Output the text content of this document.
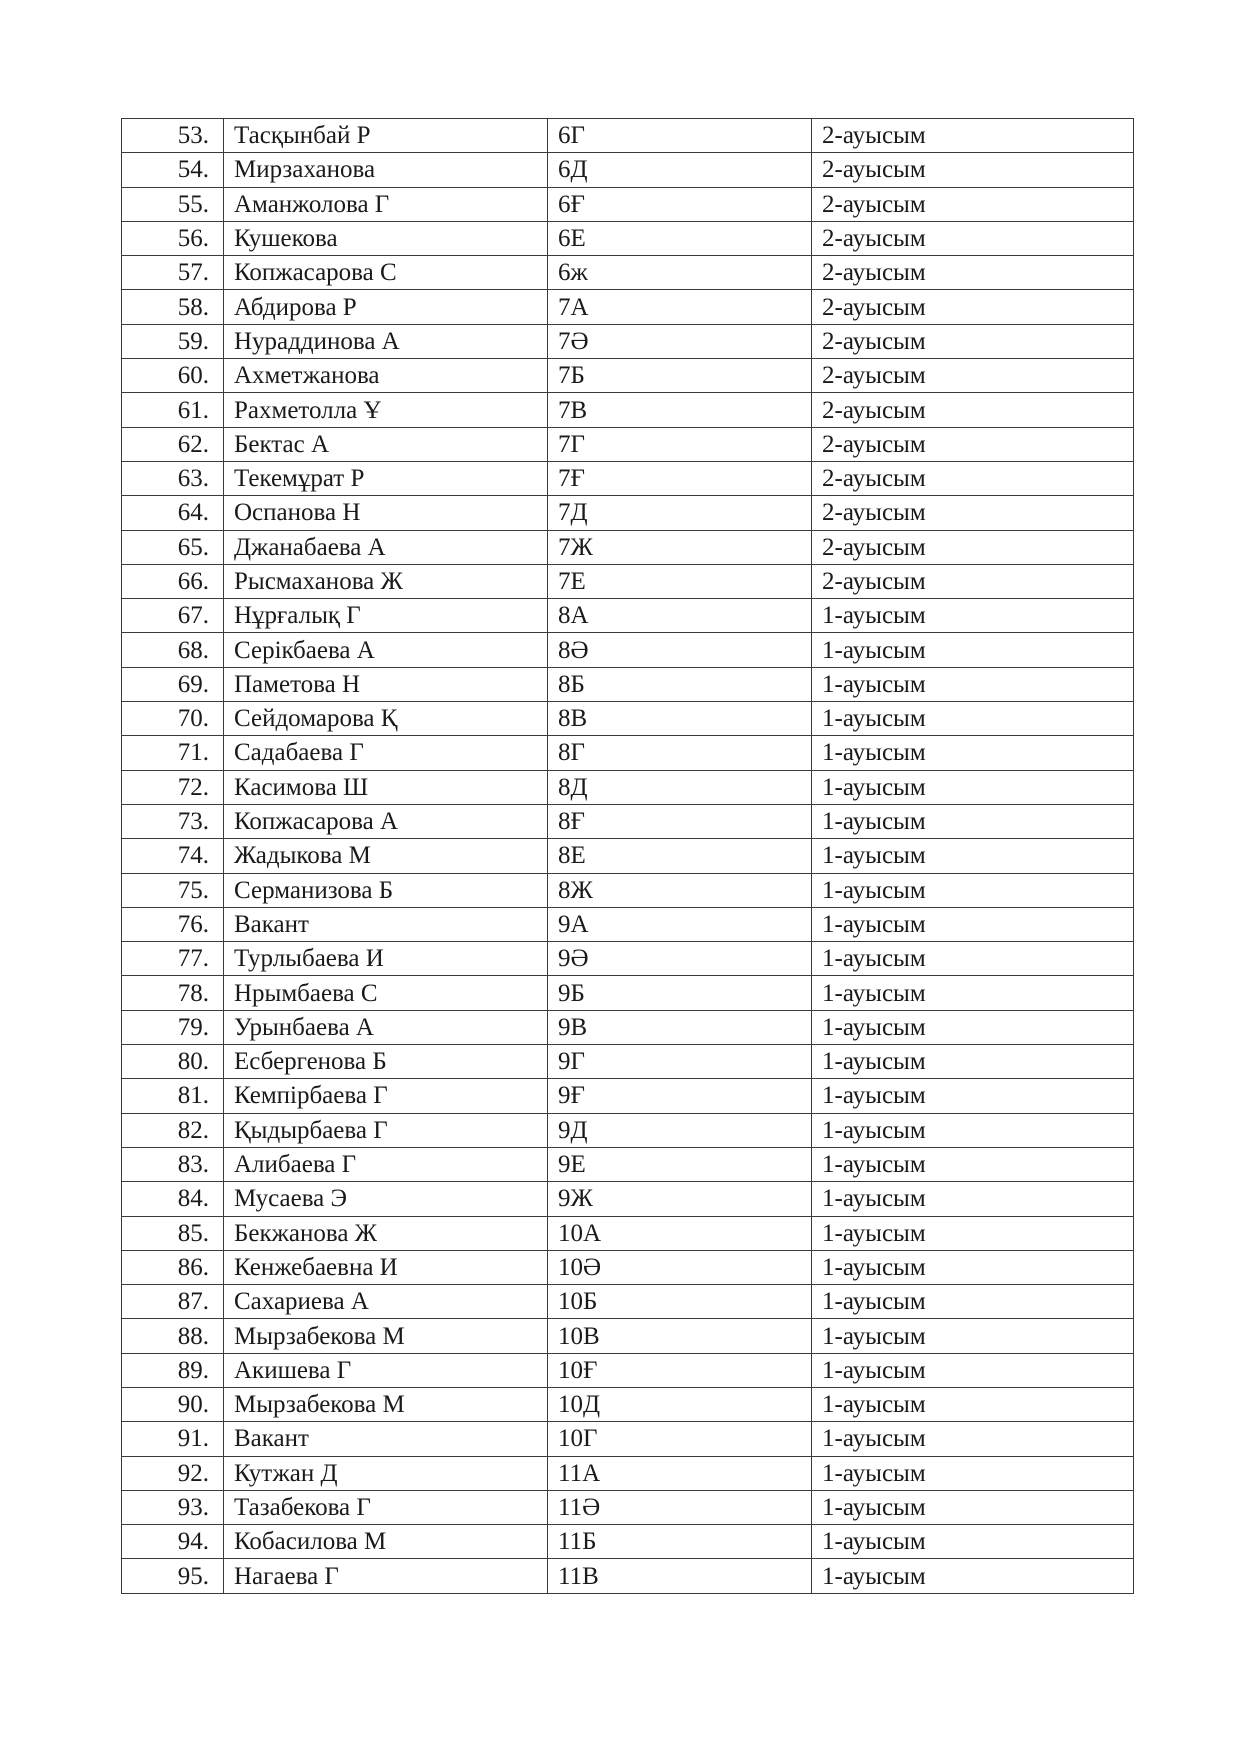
53.	Тасқынбай Р	6Г	2-ауысым
54.	Мирзаханова	6Д	2-ауысым
55.	Аманжолова Г	6Ғ	2-ауысым
56.	Кушекова	6Е	2-ауысым
57.	Копжасарова С	6ж	2-ауысым
58.	Абдирова Р	7А	2-ауысым
59.	Нураддинова А	7Ә	2-ауысым
60.	Ахметжанова	7Б	2-ауысым
61.	Рахметолла Ұ	7В	2-ауысым
62.	Бектас А	7Г	2-ауысым
63.	Текемұрат Р	7Ғ	2-ауысым
64.	Оспанова Н	7Д	2-ауысым
65.	Джанабаева А	7Ж	2-ауысым
66.	Рысмаханова Ж	7Е	2-ауысым
67.	Нұрғалық Г	8А	1-ауысым
68.	Серікбаева А	8Ә	1-ауысым
69.	Паметова Н	8Б	1-ауысым
70.	Сейдомарова Қ	8В	1-ауысым
71.	Садабаева Г	8Г	1-ауысым
72.	Касимова Ш	8Д	1-ауысым
73.	Копжасарова А	8Ғ	1-ауысым
74.	Жадыкова М	8Е	1-ауысым
75.	Серманизова Б	8Ж	1-ауысым
76.	Вакант	9А	1-ауысым
77.	Турлыбаева И	9Ә	1-ауысым
78.	Нрымбаева С	9Б	1-ауысым
79.	Урынбаева А	9В	1-ауысым
80.	Есбергенова Б	9Г	1-ауысым
81.	Кемпірбаева Г	9Ғ	1-ауысым
82.	Қыдырбаева Г	9Д	1-ауысым
83.	Алибаева Г	9Е	1-ауысым
84.	Мусаева Э	9Ж	1-ауысым
85.	Бекжанова Ж	10А	1-ауысым
86.	Кенжебаевна И	10Ә	1-ауысым
87.	Сахариева А	10Б	1-ауысым
88.	Мырзабекова М	10В	1-ауысым
89.	Акишева Г	10Ғ	1-ауысым
90.	Мырзабекова М	10Д	1-ауысым
91.	Вакант	10Г	1-ауысым
92.	Кутжан Д	11А	1-ауысым
93.	Тазабекова Г	11Ә	1-ауысым
94.	Кобасилова М	11Б	1-ауысым
95.	Нагаева Г	11В	1-ауысым
